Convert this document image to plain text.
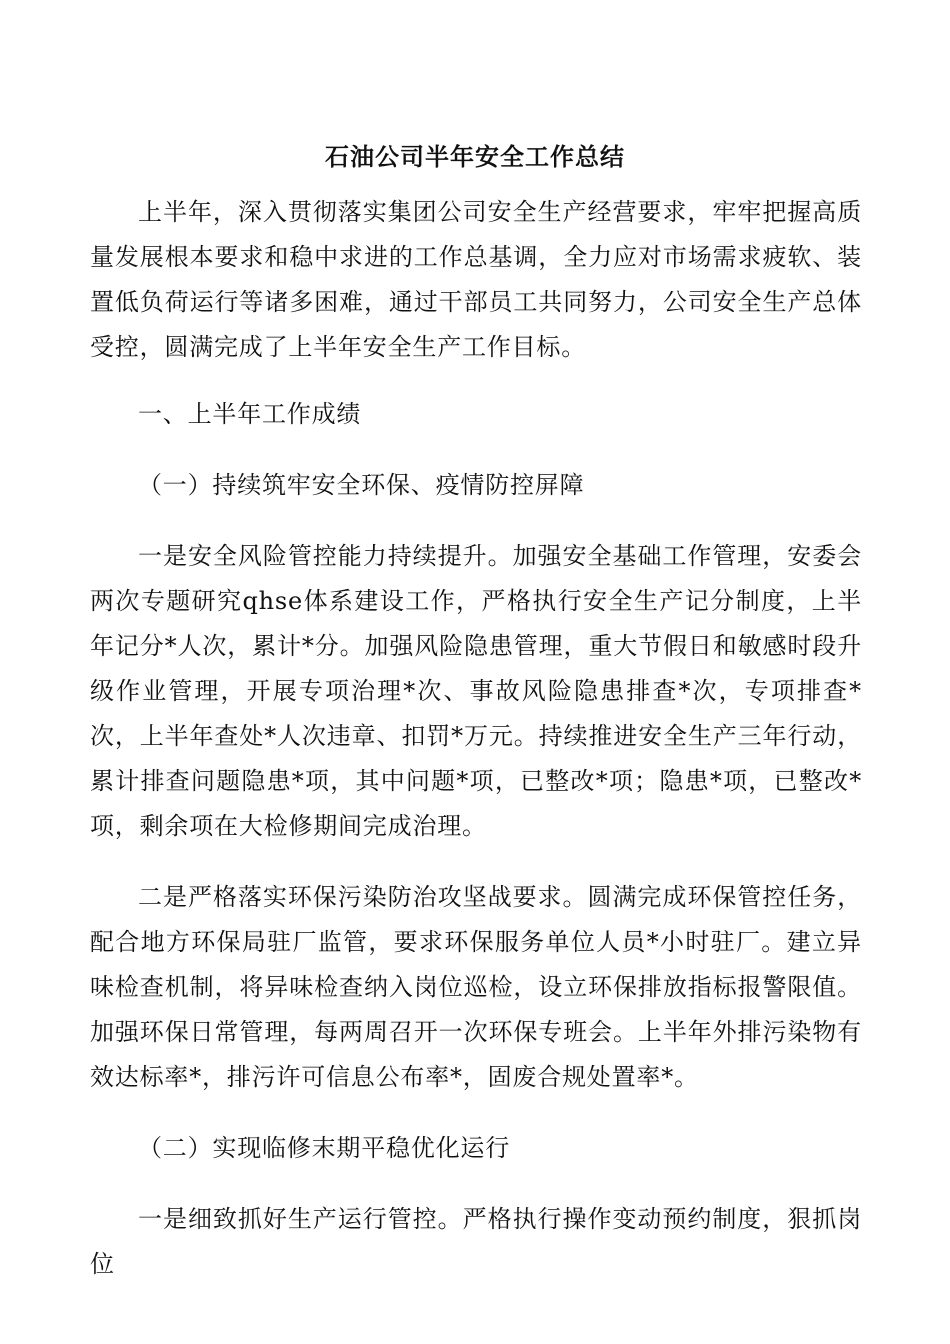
石油公司半年安全工作总结

上半年，深入贯彻落实集团公司安全生产经营要求，牢牢把握高质量发展根本要求和稳中求进的工作总基调，全力应对市场需求疲软、装置低负荷运行等诸多困难，通过干部员工共同努力，公司安全生产总体受控，圆满完成了上半年安全生产工作目标。

一、上半年工作成绩

（一）持续筑牢安全环保、疫情防控屏障

一是安全风险管控能力持续提升。加强安全基础工作管理，安委会两次专题研究qhse体系建设工作，严格执行安全生产记分制度，上半年记分*人次，累计*分。加强风险隐患管理，重大节假日和敏感时段升级作业管理，开展专项治理*次、事故风险隐患排查*次，专项排查*次，上半年查处*人次违章、扣罚*万元。持续推进安全生产三年行动，累计排查问题隐患*项，其中问题*项，已整改*项；隐患*项，已整改*项，剩余项在大检修期间完成治理。

二是严格落实环保污染防治攻坚战要求。圆满完成环保管控任务，配合地方环保局驻厂监管，要求环保服务单位人员*小时驻厂。建立异味检查机制，将异味检查纳入岗位巡检，设立环保排放指标报警限值。加强环保日常管理，每两周召开一次环保专班会。上半年外排污染物有效达标率*，排污许可信息公布率*，固废合规处置率*。

（二）实现临修末期平稳优化运行

一是细致抓好生产运行管控。严格执行操作变动预约制度，狠抓岗位
